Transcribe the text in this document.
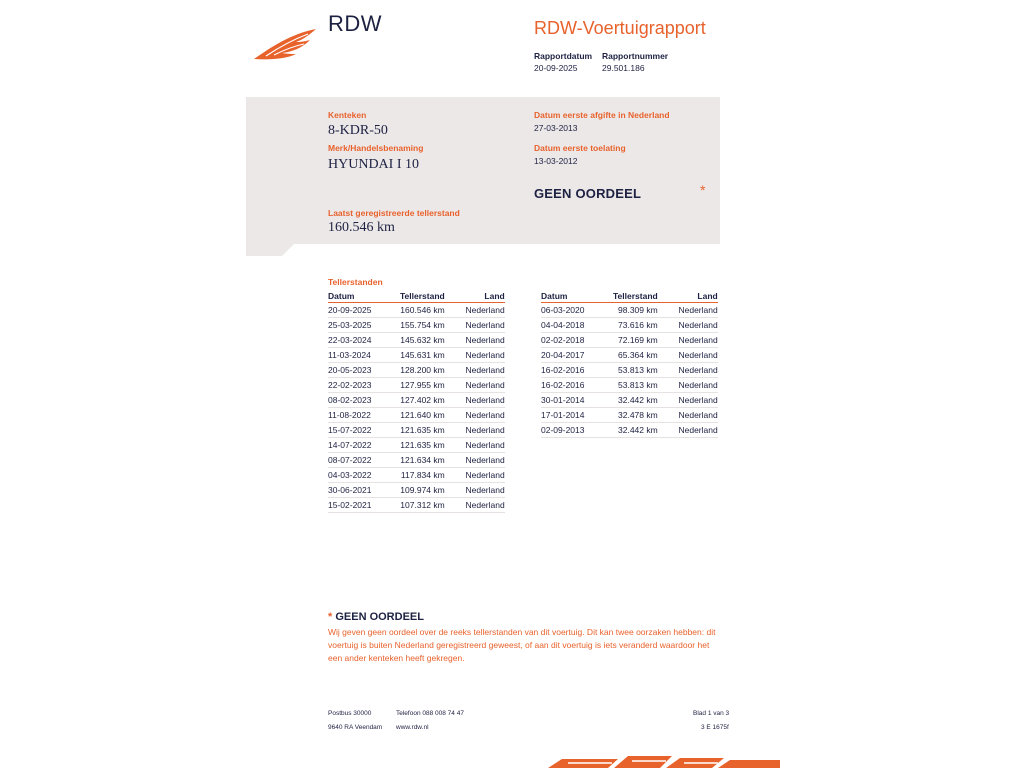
RDW	RDW-Voertuigrapport
Rapportdatum
20-09-2025
Rapportnummer
29.501.186
Kenteken
8-KDR-50
Merk/Handelsbenaming
HYUNDAI I 10
Laatst geregistreerde tellerstand
160.546 km
Datum eerste afgifte in Nederland
27-03-2013
Datum eerste toelating
13-03-2012
GEEN OORDEEL	*
Tellerstanden
Datum	Tellerstand	Land
20-09-2025	160.546 km	Nederland
25-03-2025	155.754 km	Nederland
22-03-2024	145.632 km	Nederland
11-03-2024	145.631 km	Nederland
20-05-2023	128.200 km	Nederland
22-02-2023	127.955 km	Nederland
08-02-2023	127.402 km	Nederland
11-08-2022	121.640 km	Nederland
15-07-2022	121.635 km	Nederland
14-07-2022	121.635 km	Nederland
08-07-2022	121.634 km	Nederland
04-03-2022	117.834 km	Nederland
30-06-2021	109.974 km	Nederland
15-02-2021	107.312 km	Nederland
Datum	Tellerstand	Land
06-03-2020	98.309 km	Nederland
04-04-2018	73.616 km	Nederland
02-02-2018	72.169 km	Nederland
20-04-2017	65.364 km	Nederland
16-02-2016	53.813 km	Nederland
16-02-2016	53.813 km	Nederland
30-01-2014	32.442 km	Nederland
17-01-2014	32.478 km	Nederland
02-09-2013	32.442 km	Nederland
* GEEN OORDEEL
Wij geven geen oordeel over de reeks tellerstanden van dit voertuig. Dit kan twee oorzaken hebben: dit voertuig is buiten Nederland geregistreerd geweest, of aan dit voertuig is iets veranderd waardoor het een ander kenteken heeft gekregen.
Postbus 30000
9640 RA Veendam
Telefoon 088 008 74 47
www.rdw.nl
Blad 1 van 3
3 E 1675f
